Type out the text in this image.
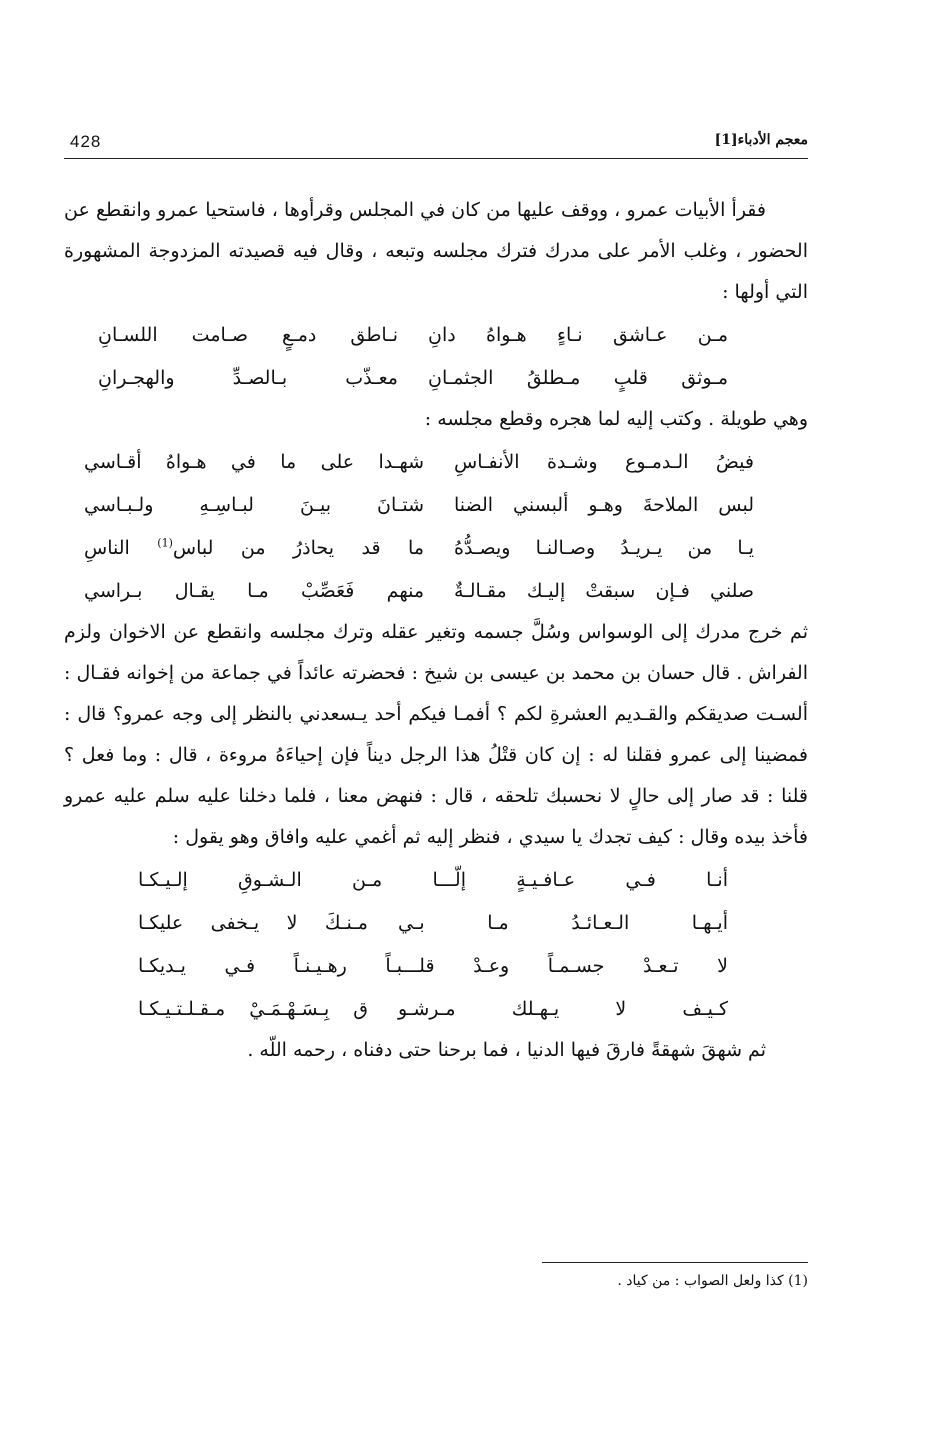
معجم الأدباء[1]
428

فقرأ الأبيات عمرو ، ووقف عليها من كان في المجلس وقرأوها ، فاستحيا عمرو وانقطع عن الحضور ، وغلب الأمر على مدرك فترك مجلسه وتبعه ، وقال فيه قصيدته المزدوجة المشهورة التي أولها :

مـن عـاشق نـاءٍ هـواهُ دانِ
نـاطق دمـعٍ صـامت اللسـانِ
مـوثق قلبٍ مـطلقُ الجثمـانِ
معـذّب بـالصـدِّ والهجـرانِ

وهي طويلة . وكتب إليه لما هجره وقطع مجلسه :

فيضُ الـدمـوع وشـدة الأنفـاسِ
شهـدا على ما في هـواهُ أقـاسي
لبس الملاحةَ وهـو ألبسني الضنا
شتـانَ بيـنَ لبـاسِـهِ ولـبـاسي
يـا من يـريـدُ وصـالنـا ويصـدُّهُ
ما قد يحاذرُ من لباس$^{(1)}$ الناسِ
صلني فـإن سبقتْ إليـك مقـالـةٌ
منهم فَعَصِّبْ مـا يقـال بـراسي

ثم خرج مدرك إلى الوسواس وسُلَّ جسمه وتغير عقله وترك مجلسه وانقطع عن الاخوان ولزم الفراش . قال حسان بن محمد بن عيسى بن شيخ : فحضرته عائداً في جماعة من إخوانه فقـال : ألسـت صديقكم والقـديم العشرةِ لكم ؟ أفمـا فيكم أحد يـسعدني بالنظر إلى وجه عمرو؟ قال : فمضينا إلى عمرو فقلنا له : إن كان قتْلُ هذا الرجل ديناً فإن إحياءَهُ مروءة ، قال : وما فعل ؟ قلنا : قد صار إلى حالٍ لا نحسبك تلحقه ، قال : فنهض معنا ، فلما دخلنا عليه سلم عليه عمرو فأخذ بيده وقال : كيف تجدك يا سيدي ، فنظر إليه ثم أغمي عليه وافاق وهو يقول :

أنـا فـي عـافـيـةٍ إلّـــا مـن الـشـوقِ إلـيـكـا
أيـهـا الـعـائـدُ مـا بـي
مـنـكَ لا يـخفى عليكـا
لا تـعـدْ جسـمـاً وعـدْ قلـــبـاً رهـيـنـاً فـي يـديكـا
كـيـف لا يـهـلك مـرشـو
ق بِـسَـهْـمَـيْ مـقـلـتـيـكـا

ثم شهقَ شهقةً فارقَ فيها الدنيا ، فما برحنا حتى دفناه ، رحمه اللّه .

(1) كذا ولعل الصواب : من كياد .
